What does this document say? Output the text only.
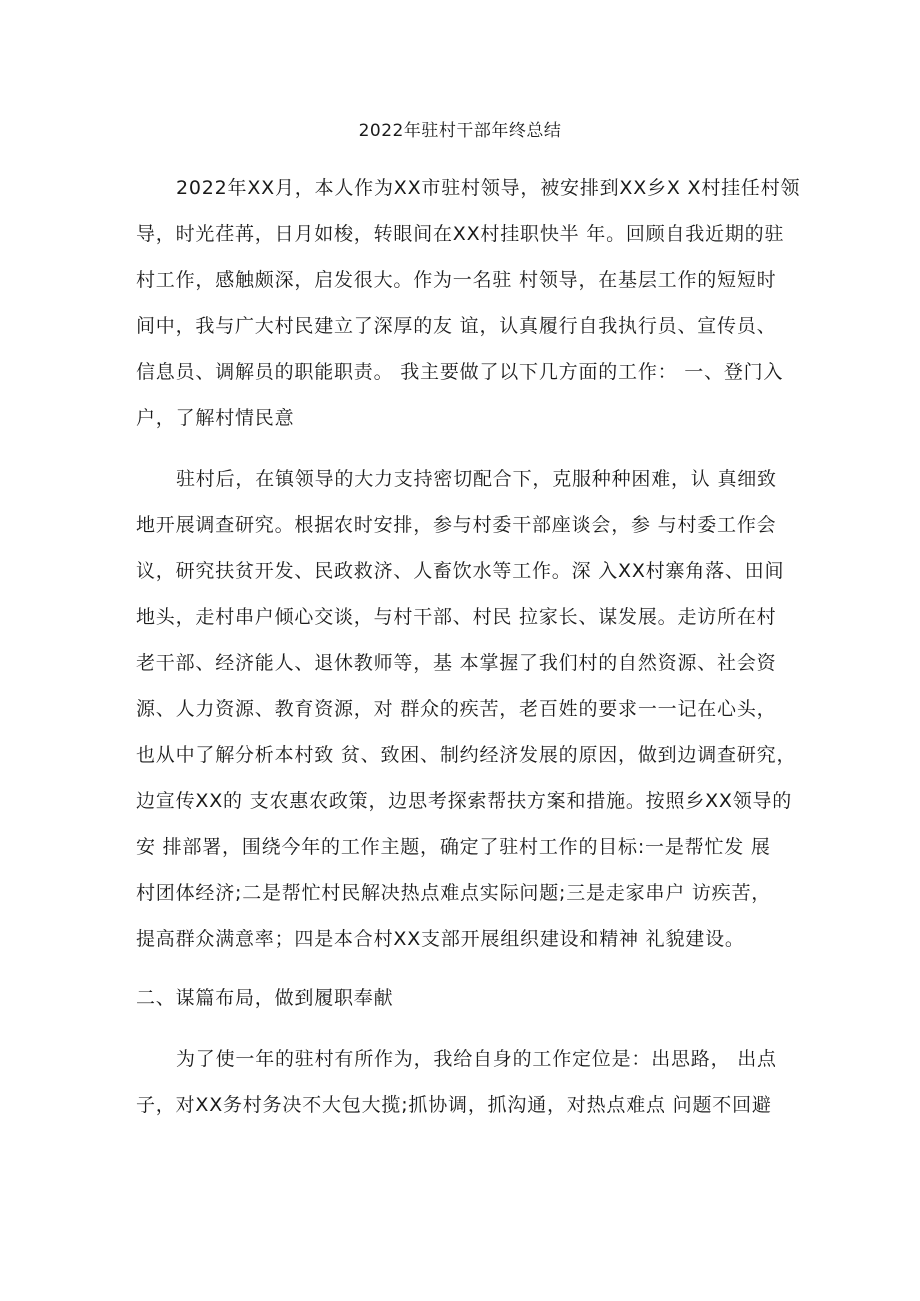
2022年驻村干部年终总结
2022年XX月，本人作为XX市驻村领导，被安排到XX乡X X村挂任村领
导，时光荏苒，日月如梭，转眼间在XX村挂职快半 年。回顾自我近期的驻
村工作，感触颇深，启发很大。作为一名驻 村领导，在基层工作的短短时
间中，我与广大村民建立了深厚的友 谊，认真履行自我执行员、宣传员、
信息员、调解员的职能职责。 我主要做了以下几方面的工作： 一、登门入
户，了解村情民意
驻村后，在镇领导的大力支持密切配合下，克服种种困难，认 真细致
地开展调查研究。根据农时安排，参与村委干部座谈会，参 与村委工作会
议，研究扶贫开发、民政救济、人畜饮水等工作。深 入XX村寨角落、田间
地头，走村串户倾心交谈，与村干部、村民 拉家长、谋发展。走访所在村
老干部、经济能人、退休教师等，基 本掌握了我们村的自然资源、社会资
源、人力资源、教育资源，对 群众的疾苦，老百姓的要求一一记在心头，
也从中了解分析本村致 贫、致困、制约经济发展的原因，做到边调查研究，
边宣传XX的 支农惠农政策，边思考探索帮扶方案和措施。按照乡XX领导的
安 排部署，围绕今年的工作主题，确定了驻村工作的目标:一是帮忙发 展
村团体经济;二是帮忙村民解决热点难点实际问题;三是走家串户 访疾苦，
提高群众满意率；四是本合村XX支部开展组织建设和精神 礼貌建设。
二、谋篇布局，做到履职奉献
为了使一年的驻村有所作为，我给自身的工作定位是：出思路， 出点
子，对XX务村务决不大包大揽;抓协调，抓沟通，对热点难点 问题不回避
